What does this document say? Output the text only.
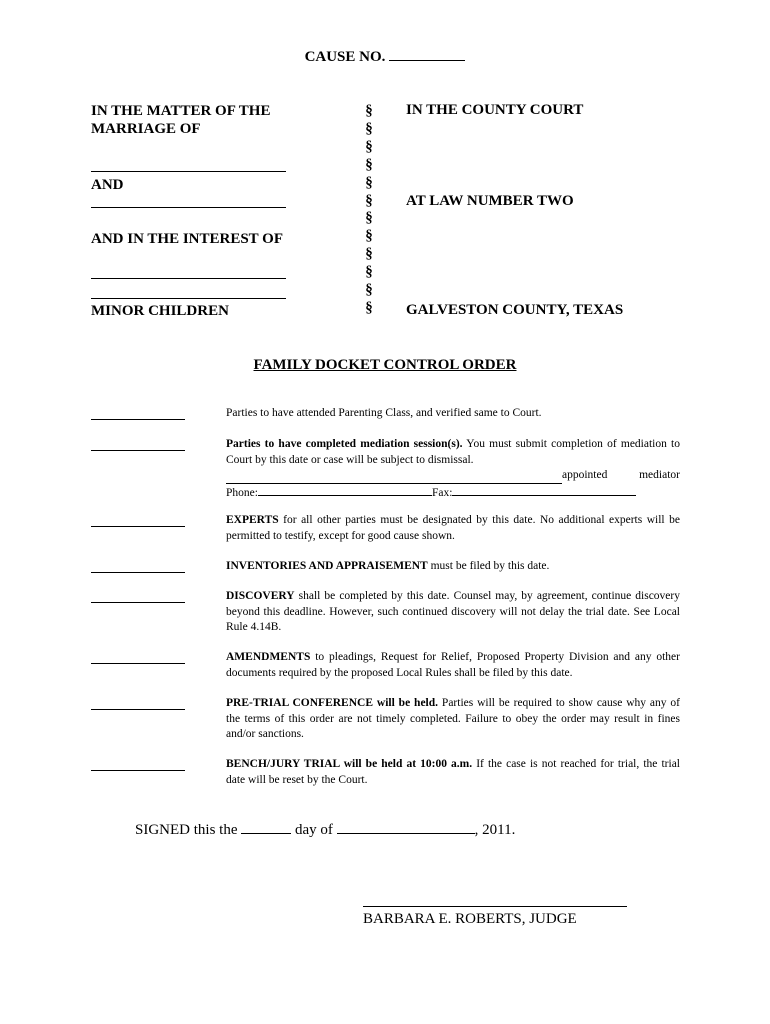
CAUSE NO.
IN THE MATTER OF THE
MARRIAGE OF
AND
AND IN THE INTEREST OF
MINOR CHILDREN
§
§
§
§
§
§
§
§
§
§
§
§
IN THE COUNTY COURT
AT LAW NUMBER TWO
GALVESTON COUNTY, TEXAS
FAMILY DOCKET CONTROL ORDER
Parties to have attended Parenting Class, and verified same to Court.
Parties to have completed mediation session(s). You must submit completion of mediation to Court by this date or case will be subject to dismissal.
appointed mediator
Phone:	Fax:
EXPERTS for all other parties must be designated by this date. No additional experts will be permitted to testify, except for good cause shown.
INVENTORIES AND APPRAISEMENT must be filed by this date.
DISCOVERY shall be completed by this date. Counsel may, by agreement, continue discovery beyond this deadline. However, such continued discovery will not delay the trial date. See Local Rule 4.14B.
AMENDMENTS to pleadings, Request for Relief, Proposed Property Division and any other documents required by the proposed Local Rules shall be filed by this date.
PRE-TRIAL CONFERENCE will be held. Parties will be required to show cause why any of the terms of this order are not timely completed. Failure to obey the order may result in fines and/or sanctions.
BENCH/JURY TRIAL will be held at 10:00 a.m. If the case is not reached for trial, the trial date will be reset by the Court.
SIGNED this the	day of	, 2011.
BARBARA E. ROBERTS, JUDGE
